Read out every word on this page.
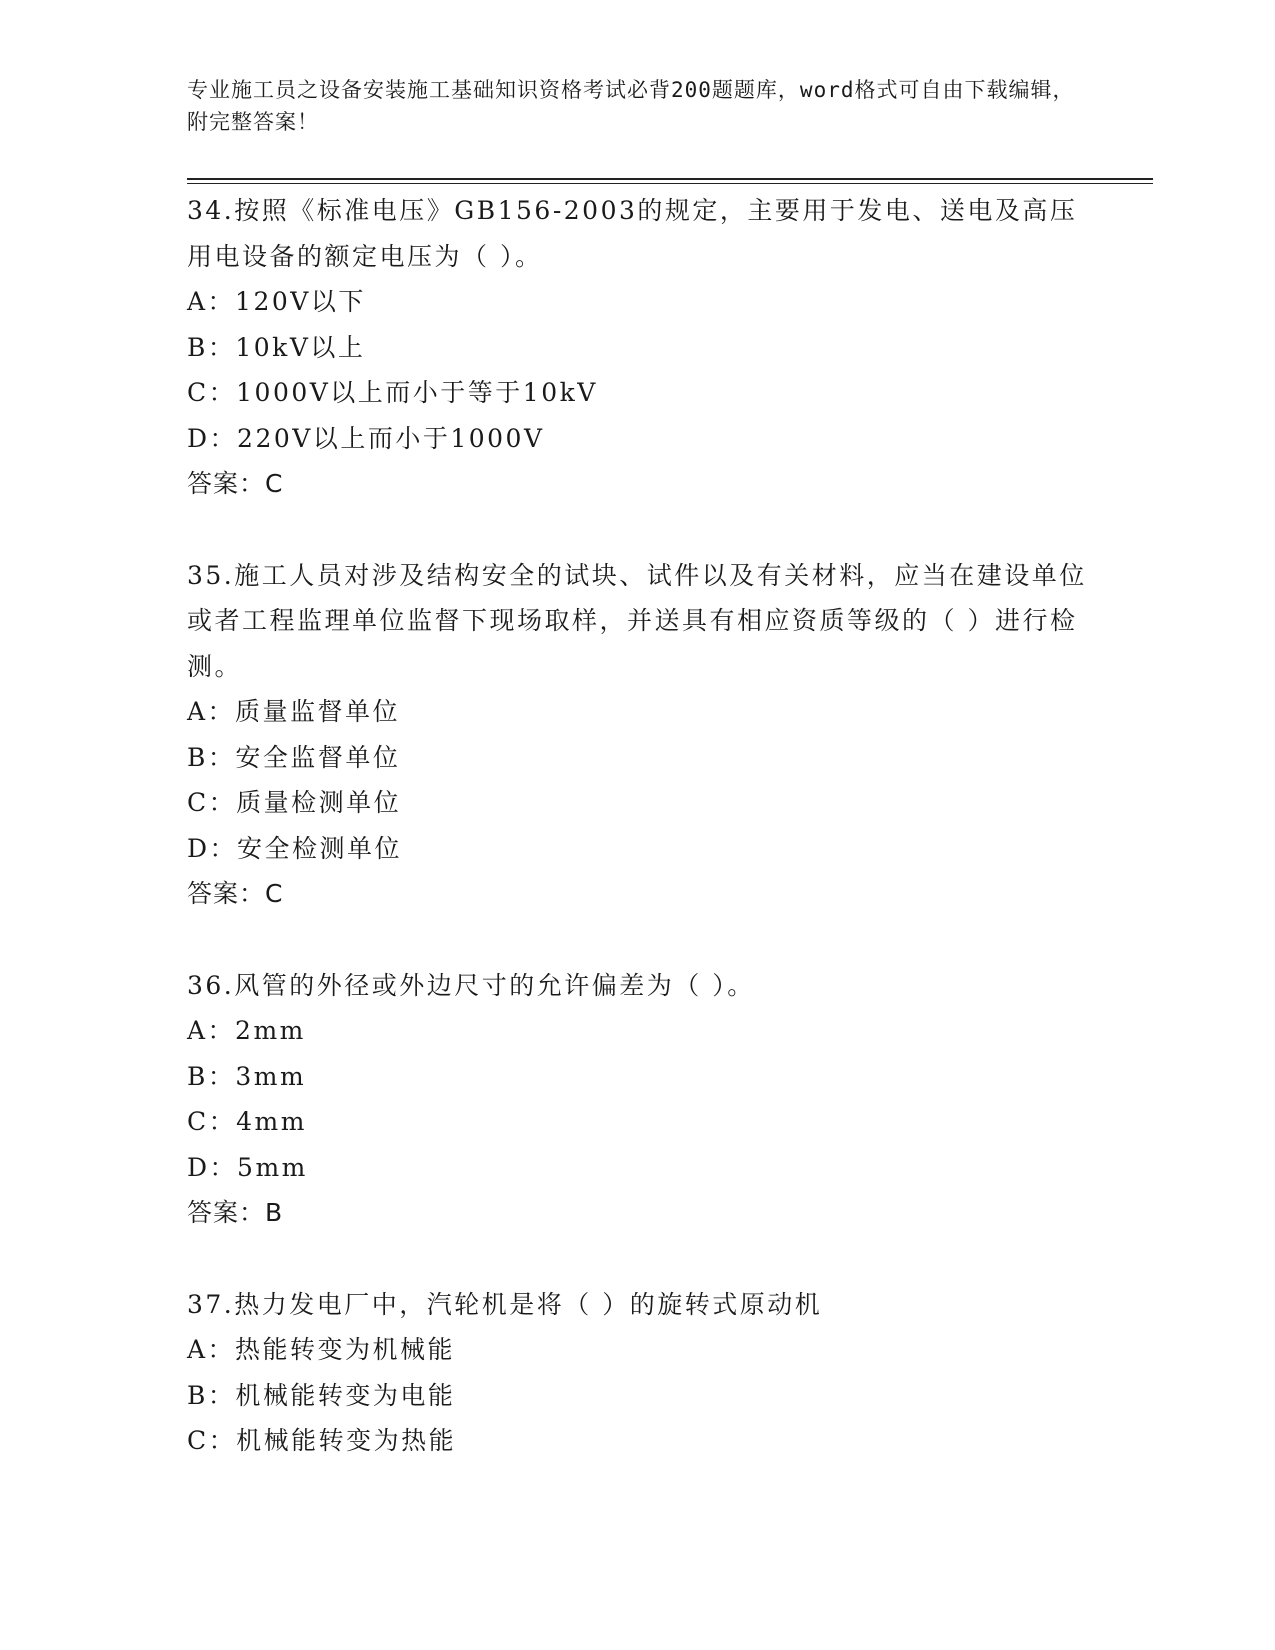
专业施工员之设备安装施工基础知识资格考试必背200题题库，word格式可自由下载编辑，附完整答案！
34.按照《标准电压》GB156-2003的规定，主要用于发电、送电及高压用电设备的额定电压为（ ）。
A：120V以下
B：10kV以上
C：1000V以上而小于等于10kV
D：220V以上而小于1000V
答案：C
35.施工人员对涉及结构安全的试块、试件以及有关材料，应当在建设单位或者工程监理单位监督下现场取样，并送具有相应资质等级的（ ）进行检测。
A：质量监督单位
B：安全监督单位
C：质量检测单位
D：安全检测单位
答案：C
36.风管的外径或外边尺寸的允许偏差为（ ）。
A：2mm
B：3mm
C：4mm
D：5mm
答案：B
37.热力发电厂中，汽轮机是将（ ）的旋转式原动机
A：热能转变为机械能
B：机械能转变为电能
C：机械能转变为热能
